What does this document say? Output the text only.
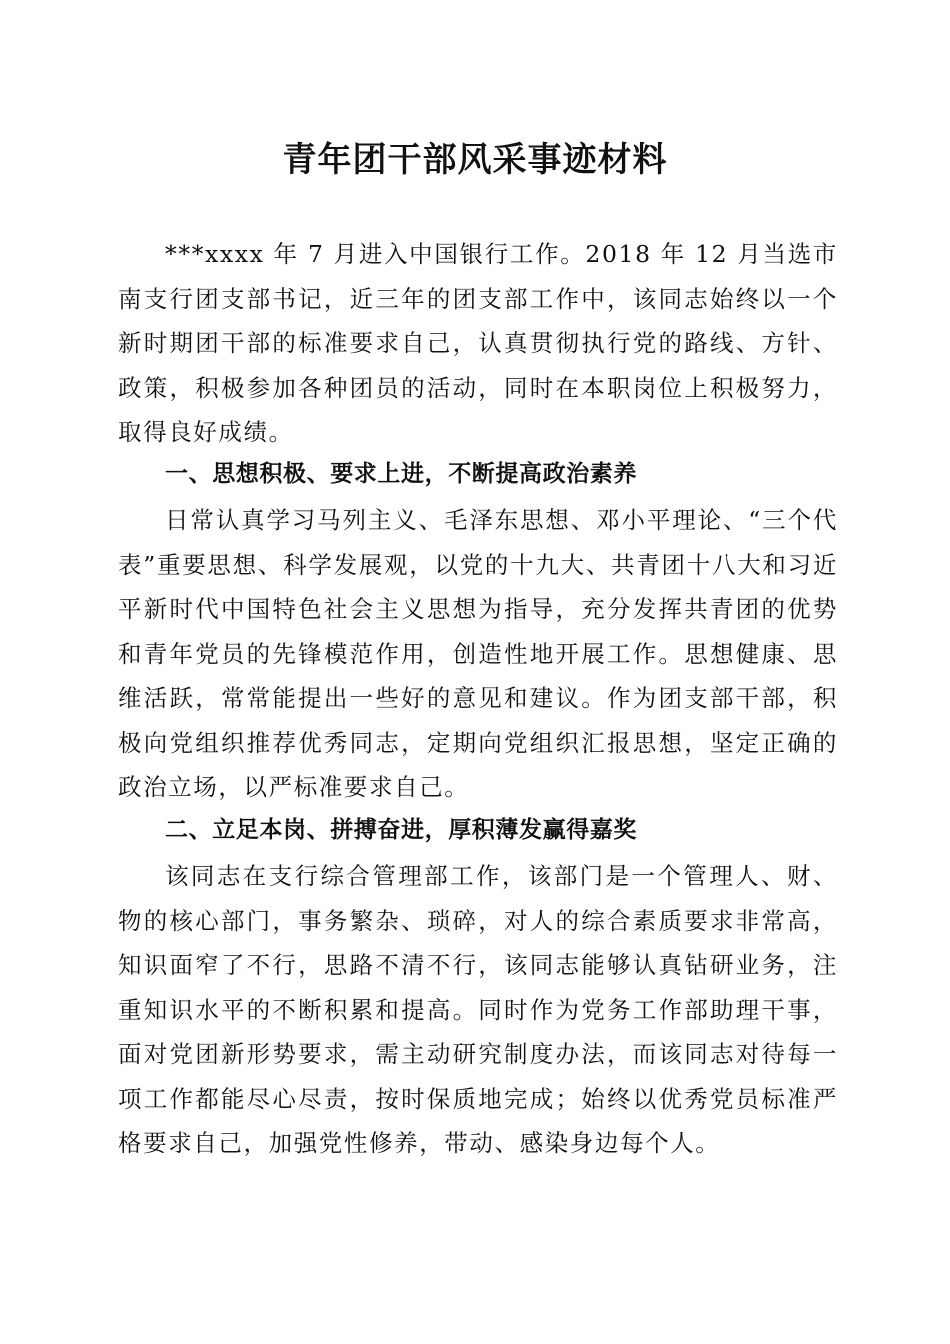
青年团干部风采事迹材料

***xxxx 年 7 月进入中国银行工作。2018 年 12 月当选市南支行团支部书记，近三年的团支部工作中，该同志始终以一个新时期团干部的标准要求自己，认真贯彻执行党的路线、方针、政策，积极参加各种团员的活动，同时在本职岗位上积极努力，取得良好成绩。

一、思想积极、要求上进，不断提高政治素养

日常认真学习马列主义、毛泽东思想、邓小平理论、“三个代表”重要思想、科学发展观，以党的十九大、共青团十八大和习近平新时代中国特色社会主义思想为指导，充分发挥共青团的优势和青年党员的先锋模范作用，创造性地开展工作。思想健康、思维活跃，常常能提出一些好的意见和建议。作为团支部干部，积极向党组织推荐优秀同志，定期向党组织汇报思想，坚定正确的政治立场，以严标准要求自己。

二、立足本岗、拼搏奋进，厚积薄发赢得嘉奖

该同志在支行综合管理部工作，该部门是一个管理人、财、物的核心部门，事务繁杂、琐碎，对人的综合素质要求非常高，知识面窄了不行，思路不清不行，该同志能够认真钻研业务，注重知识水平的不断积累和提高。同时作为党务工作部助理干事，面对党团新形势要求，需主动研究制度办法，而该同志对待每一项工作都能尽心尽责，按时保质地完成；始终以优秀党员标准严格要求自己，加强党性修养，带动、感染身边每个人。
